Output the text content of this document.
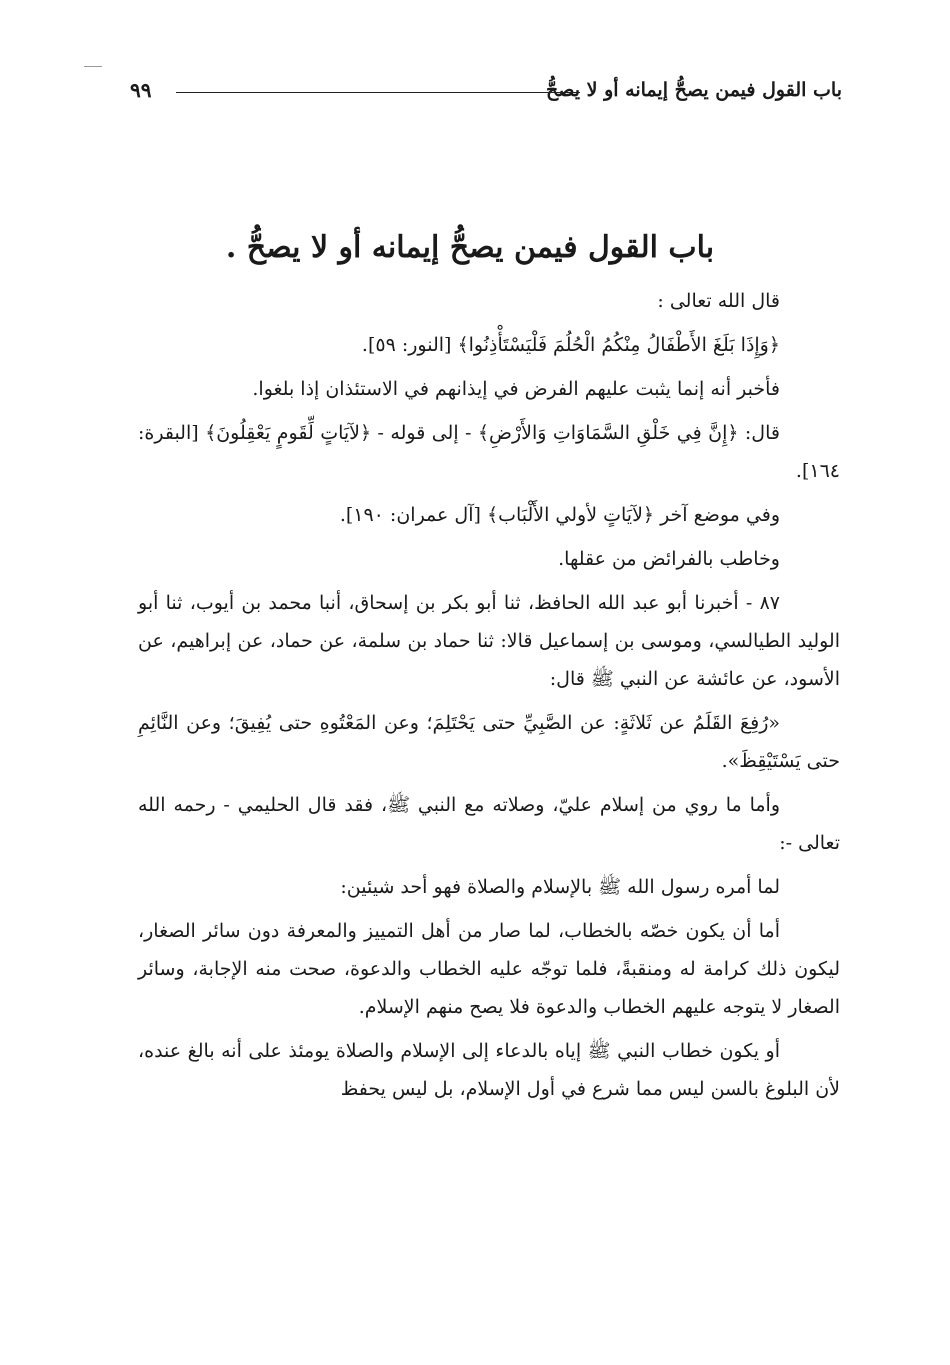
باب القول فيمن يصحُّ إيمانه أو لا يصحُّ
٩٩
باب القول فيمن يصحُّ إيمانه أو لا يصحُّ .

قال الله تعالى :

﴿وَإِذَا بَلَغَ الأَطْفَالُ مِنْكُمُ الْحُلُمَ فَلْيَسْتَأْذِنُوا﴾ [النور: ٥٩].

فأخبر أنه إنما يثبت عليهم الفرض في إيذانهم في الاستئذان إذا بلغوا.

قال: ﴿إِنَّ فِي خَلْقِ السَّمَاوَاتِ وَالأَرْضِ﴾ - إلى قوله - ﴿لآيَاتٍ لِّقَومٍ يَعْقِلُونَ﴾ [البقرة: ١٦٤].

وفي موضع آخر ﴿لآيَاتٍ لأولي الأَلْبَاب﴾ [آل عمران: ١٩٠].

وخاطب بالفرائض من عقلها.

٨٧ - أخبرنا أبو عبد الله الحافظ، ثنا أبو بكر بن إسحاق، أنبا محمد بن أيوب، ثنا أبو الوليد الطيالسي، وموسى بن إسماعيل قالا: ثنا حماد بن سلمة، عن حماد، عن إبراهيم، عن الأسود، عن عائشة عن النبي ﷺ قال:

«رُفِعَ القَلَمُ عن ثَلاثَةٍ: عن الصَّبِيِّ حتى يَحْتَلِمَ؛ وعن المَعْتُوهِ حتى يُفِيقَ؛ وعن النَّائِمِ حتى يَسْتَيْقِظَ».

وأما ما روي من إسلام عليّ، وصلاته مع النبي ﷺ، فقد قال الحليمي - رحمه الله تعالى -:

لما أمره رسول الله ﷺ بالإسلام والصلاة فهو أحد شيئين:

أما أن يكون خصّه بالخطاب، لما صار من أهل التمييز والمعرفة دون سائر الصغار، ليكون ذلك كرامة له ومنقبةً، فلما توجّه عليه الخطاب والدعوة، صحت منه الإجابة، وسائر الصغار لا يتوجه عليهم الخطاب والدعوة فلا يصح منهم الإسلام.

أو يكون خطاب النبي ﷺ إياه بالدعاء إلى الإسلام والصلاة يومئذ على أنه بالغ عنده، لأن البلوغ بالسن ليس مما شرع في أول الإسلام، بل ليس يحفظ
